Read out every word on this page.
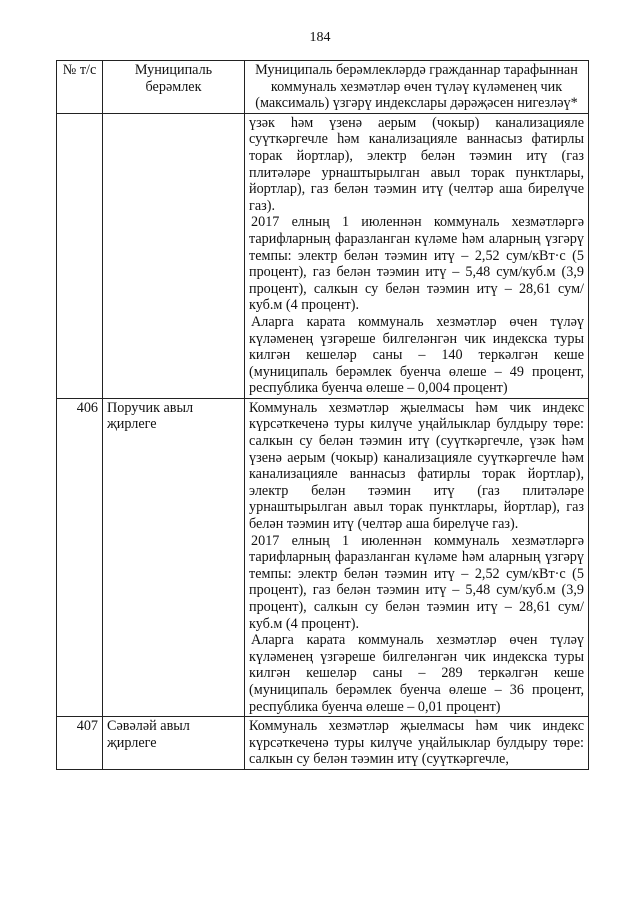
184
№ т/с	Муниципаль берәмлек	Муниципаль берәмлекләрдә гражданнар тарафыннан коммуналь хезмәтләр өчен түләү күләменең чик (максималь) үзгәрү индекслары дәрәҗәсен нигезләү*

		үзәк һәм үзенә аерым (чокыр) канализацияле суүткәргечле һәм канализацияле ваннасыз фатирлы торак йортлар), электр белән тәэмин итү (газ плитәләре урнаштырылган авыл торак пунктлары, йортлар), газ белән тәэмин итү (челтәр аша бирелүче газ).
2017 елның 1 июленнән коммуналь хезмәтләргә тарифларның фаразланган күләме һәм аларның үзгәрү темпы: электр белән тәэмин итү – 2,52 сум/кВт·с (5 процент), газ белән тәэмин итү – 5,48 сум/куб.м (3,9 процент), салкын су белән тәэмин итү – 28,61 сум/куб.м (4 процент).
Аларга карата коммуналь хезмәтләр өчен түләү күләменең үзгәреше билгеләнгән чик индекска туры килгән кешеләр саны – 140 теркәлгән кеше (муниципаль берәмлек буенча өлеше – 49 процент, республика буенча өлеше – 0,004 процент)

406	Поручик авыл җирлеге	Коммуналь хезмәтләр җыелмасы һәм чик индекс күрсәткеченә туры килүче уңайлыклар булдыру төре: салкын су белән тәэмин итү (суүткәргечле, үзәк һәм үзенә аерым (чокыр) канализацияле суүткәргечле һәм канализацияле ваннасыз фатирлы торак йортлар), электр белән тәэмин итү (газ плитәләре урнаштырылган авыл торак пунктлары, йортлар), газ белән тәэмин итү (челтәр аша бирелүче газ).
2017 елның 1 июленнән коммуналь хезмәтләргә тарифларның фаразланган күләме һәм аларның үзгәрү темпы: электр белән тәэмин итү – 2,52 сум/кВт·с (5 процент), газ белән тәэмин итү – 5,48 сум/куб.м (3,9 процент), салкын су белән тәэмин итү – 28,61 сум/куб.м (4 процент).
Аларга карата коммуналь хезмәтләр өчен түләү күләменең үзгәреше билгеләнгән чик индекска туры килгән кешеләр саны – 289 теркәлгән кеше (муниципаль берәмлек буенча өлеше – 36 процент, республика буенча өлеше – 0,01 процент)

407	Сәвәләй авыл җирлеге	Коммуналь хезмәтләр җыелмасы һәм чик индекс күрсәткеченә туры килүче уңайлыклар булдыру төре: салкын су белән тәэмин итү (суүткәргечле,
